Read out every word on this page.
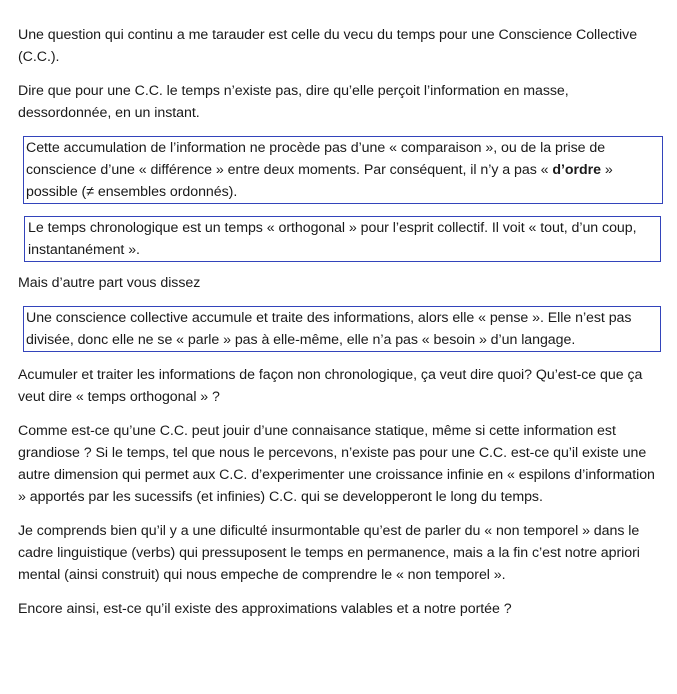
Une question qui continu a me tarauder est celle du vecu du temps pour une Conscience Collective (C.C.).

Dire que pour une C.C. le temps n’existe pas, dire qu’elle perçoit l’information en masse, dessordonnée, en un instant.

Cette accumulation de l’information ne procède pas d’une « comparaison », ou de la prise de conscience d’une « différence » entre deux moments. Par conséquent, il n’y a pas « d’ordre » possible (≠ ensembles ordonnés).
Le temps chronologique est un temps « orthogonal » pour l’esprit collectif. Il voit « tout, d’un coup, instantanément ».

Mais d’autre part vous dissez

Une conscience collective accumule et traite des informations, alors elle « pense ». Elle n’est pas divisée, donc elle ne se « parle » pas à elle-même, elle n’a pas « besoin » d’un langage.

Acumuler et traiter les informations de façon non chronologique, ça veut dire quoi? Qu’est-ce que ça veut dire « temps orthogonal » ?

Comme est-ce qu’une C.C. peut jouir d’une connaisance statique, même si cette information est grandiose ? Si le temps, tel que nous le percevons, n’existe pas pour une C.C. est-ce qu’il existe une autre dimension qui permet aux C.C. d’experimenter une croissance infinie en « espilons d’information » apportés par les sucessifs (et infinies) C.C. qui se developperont le long du temps.

Je comprends bien qu’il y a une dificulté insurmontable qu’est de parler du « non temporel » dans le cadre linguistique (verbs) qui pressuposent le temps en permanence, mais a la fin c’est notre apriori mental (ainsi construit) qui nous empeche de comprendre le « non temporel ».

Encore ainsi, est-ce qu’il existe des approximations valables et a notre portée ?
